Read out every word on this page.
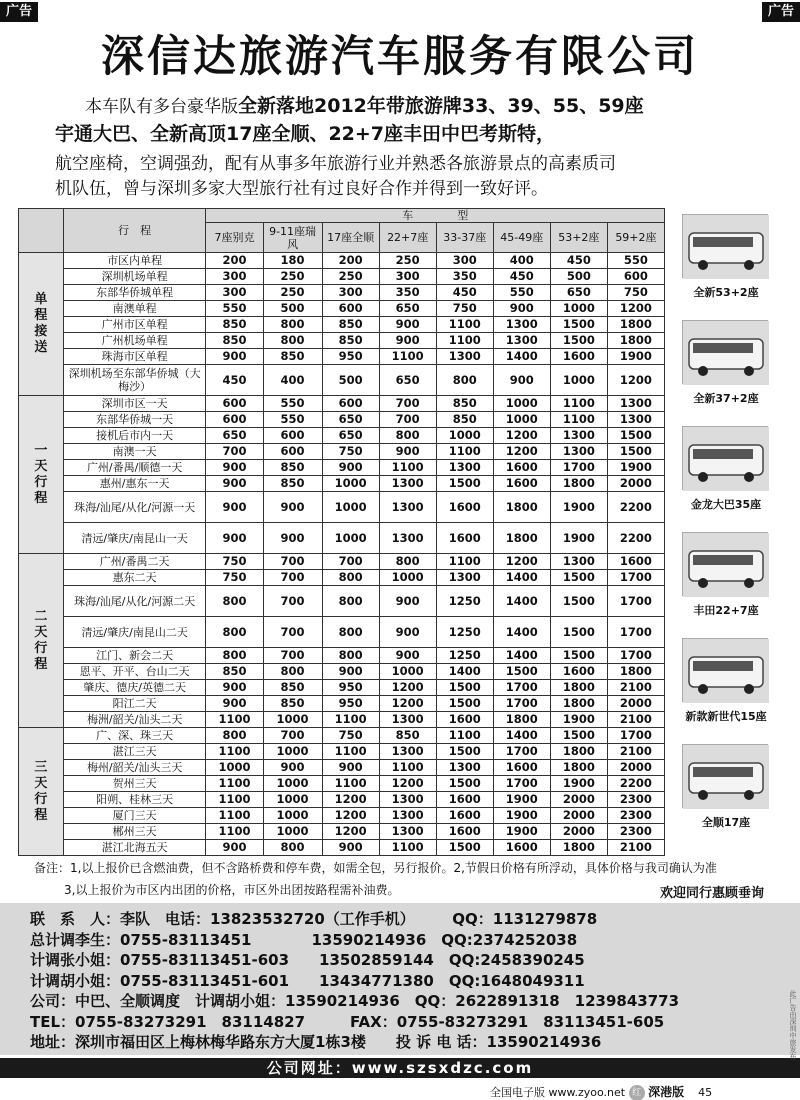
广告	广告
深信达旅游汽车服务有限公司
本车队有多台豪华版全新落地2012年带旅游牌33、39、55、59座
宇通大巴、全新高顶17座全顺、22+7座丰田中巴考斯特，
航空座椅，空调强劲，配有从事多年旅游行业并熟悉各旅游景点的高素质司
机队伍，曾与深圳多家大型旅行社有过良好合作并得到一致好评。
	行　程	车　　　　型							
		7座别克	9-11座瑞风	17座全顺	22+7座	33-37座	45-49座	53+2座	59+2座
单
程
接
送	市区内单程	200	180	200	250	300	400	450	550
	深圳机场单程	300	250	250	300	350	450	500	600
	东部华侨城单程	300	250	300	350	450	550	650	750
	南澳单程	550	500	600	650	750	900	1000	1200
	广州市区单程	850	800	850	900	1100	1300	1500	1800
	广州机场单程	850	800	850	900	1100	1300	1500	1800
	珠海市区单程	900	850	950	1100	1300	1400	1600	1900
	深圳机场至东部华侨城（大梅沙）	450	400	500	650	800	900	1000	1200
一
天
行
程	深圳市区一天	600	550	600	700	850	1000	1100	1300
	东部华侨城一天	600	550	650	700	850	1000	1100	1300
	接机后市内一天	650	600	650	800	1000	1200	1300	1500
	南澳一天	700	600	750	900	1100	1200	1300	1500
	广州/番禺/顺德一天	900	850	900	1100	1300	1600	1700	1900
	惠州/惠东一天	900	850	1000	1300	1500	1600	1800	2000
	珠海/汕尾/从化/河源一天	900	900	1000	1300	1600	1800	1900	2200
	清远/肇庆/南昆山一天	900	900	1000	1300	1600	1800	1900	2200
二
天
行
程	广州/番禺二天	750	700	700	800	1100	1200	1300	1600
	惠东二天	750	700	800	1000	1300	1400	1500	1700
	珠海/汕尾/从化/河源二天	800	700	800	900	1250	1400	1500	1700
	清远/肇庆/南昆山二天	800	700	800	900	1250	1400	1500	1700
	江门、新会二天	800	700	800	900	1250	1400	1500	1700
	恩平、开平、台山二天	850	800	900	1000	1400	1500	1600	1800
	肇庆、德庆/英德二天	900	850	950	1200	1500	1700	1800	2100
	阳江二天	900	850	950	1200	1500	1700	1800	2000
	梅洲/韶关/汕头二天	1100	1000	1100	1300	1600	1800	1900	2100
三
天
行
程	广、深、珠三天	800	700	750	850	1100	1400	1500	1700
	湛江三天	1100	1000	1100	1300	1500	1700	1800	2100
	梅州/韶关/汕头三天	1000	900	900	1100	1300	1600	1800	2000
	贺州三天	1100	1000	1100	1200	1500	1700	1900	2200
	阳朔、桂林三天	1100	1000	1200	1300	1600	1900	2000	2300
	厦门三天	1100	1000	1200	1300	1600	1900	2000	2300
	郴州三天	1100	1000	1200	1300	1600	1900	2000	2300
	湛江北海五天	900	800	900	1100	1500	1600	1800	2100
全新53+2座
全新37+2座
金龙大巴35座
丰田22+7座
新款新世代15座
全顺17座
备注：1,以上报价已含燃油费，但不含路桥费和停车费，如需全包，另行报价。2,节假日价格有所浮动，具体价格与我司确认为准
3,以上报价为市区内出团的价格，市区外出团按路程需补油费。	欢迎同行惠顾垂询
联　系　人：李队　电话：13823532720（工作手机）　　　QQ：1131279878
总计调李生：0755-83113451　　　　13590214936　QQ:2374252038
计调张小姐：0755-83113451-603　　13502859144　QQ:2458390245
计调胡小姐：0755-83113451-601　　13434771380　QQ:1648049311
公司：中巴、全顺调度　计调胡小姐：13590214936　QQ：2622891318　1239843773
TEL：0755-83273291　83114827　　　FAX：0755-83273291　83113451-605
地址：深圳市福田区上梅林梅华路东方大厦1栋3楼　　投 诉 电 话：13590214936
公司网址：www.szsxdzc.com
全国电子版 www.zyoo.net 红 深港版 45
此广告由深圳中旅发布
